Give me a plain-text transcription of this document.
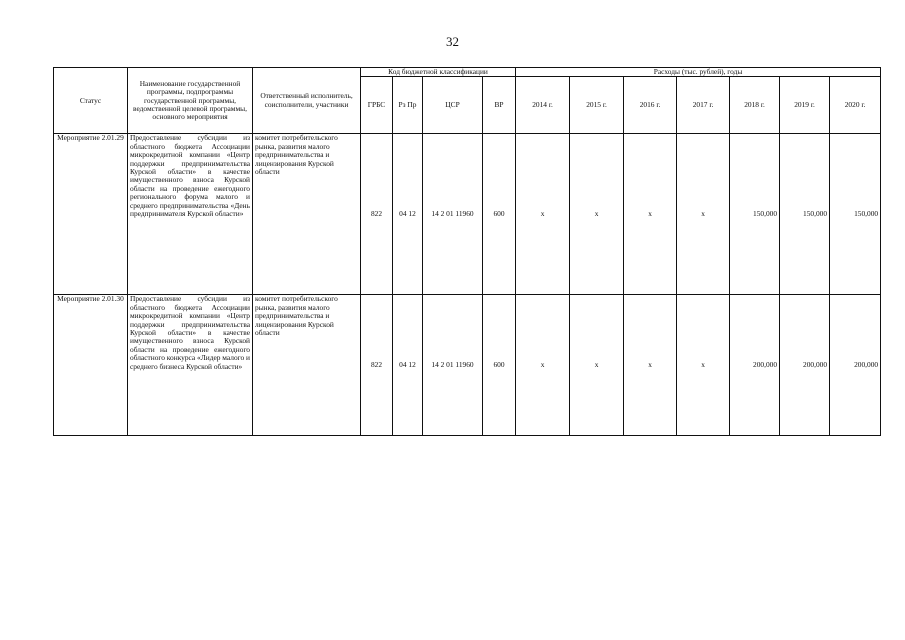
32
Статус	Наименование государственной программы, подпрограммы государственной программы, ведомственной целевой программы, основного мероприятия	Ответственный исполнитель, соисполнители, участники	Код бюджетной классификации				Расходы (тыс. рублей), годы						
			ГРБС	Рз Пр	ЦСР	ВР	2014 г.	2015 г.	2016 г.	2017 г.	2018 г.	2019 г.	2020 г.
Мероприятие 2.01.29	Предоставление субсидии из областного бюджета Ассоциации микрокредитной компании «Центр поддержки предпринимательства Курской области» в качестве имущественного взноса Курской области на проведение ежегодного регионального форума малого и среднего предпринимательства «День предпринимателя Курской области»	комитет потребительского рынка, развития малого предпринимательства и лицензирования Курской области	822	04 12	14 2 01 11960	600	x	x	x	x	150,000	150,000	150,000
Мероприятие 2.01.30	Предоставление субсидии из областного бюджета Ассоциации микрокредитной компании «Центр поддержки предпринимательства Курской области» в качестве имущественного взноса Курской области на проведение ежегодного областного конкурса «Лидер малого и среднего бизнеса Курской области»	комитет потребительского рынка, развития малого предпринимательства и лицензирования Курской области	822	04 12	14 2 01 11960	600	x	x	x	x	200,000	200,000	200,000
